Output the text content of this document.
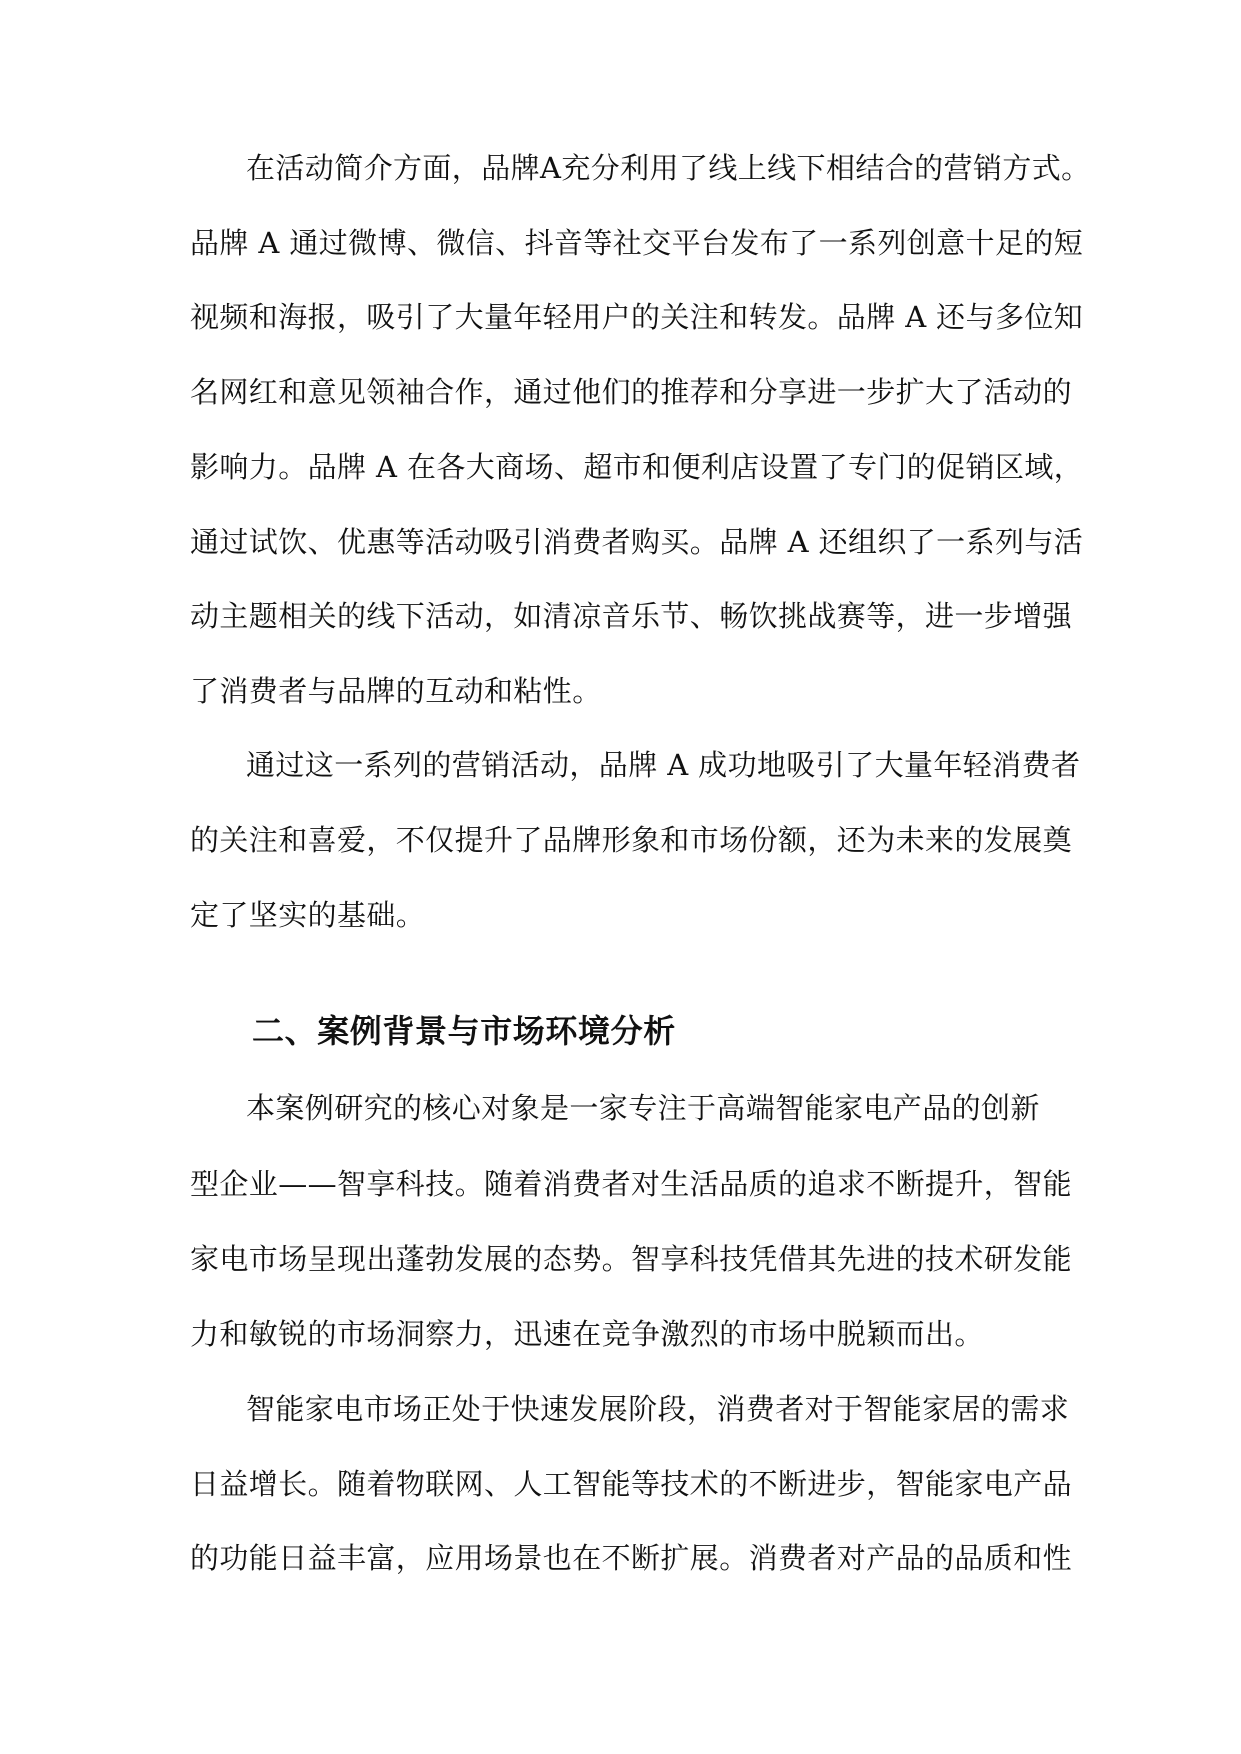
在活动简介方面，品牌A充分利用了线上线下相结合的营销方式。
品牌 A 通过微博、微信、抖音等社交平台发布了一系列创意十足的短
视频和海报，吸引了大量年轻用户的关注和转发。品牌 A 还与多位知
名网红和意见领袖合作，通过他们的推荐和分享进一步扩大了活动的
影响力。品牌 A 在各大商场、超市和便利店设置了专门的促销区域，
通过试饮、优惠等活动吸引消费者购买。品牌 A 还组织了一系列与活
动主题相关的线下活动，如清凉音乐节、畅饮挑战赛等，进一步增强
了消费者与品牌的互动和粘性。
通过这一系列的营销活动，品牌 A 成功地吸引了大量年轻消费者
的关注和喜爱，不仅提升了品牌形象和市场份额，还为未来的发展奠
定了坚实的基础。
二、案例背景与市场环境分析
本案例研究的核心对象是一家专注于高端智能家电产品的创新
型企业——智享科技。随着消费者对生活品质的追求不断提升，智能
家电市场呈现出蓬勃发展的态势。智享科技凭借其先进的技术研发能
力和敏锐的市场洞察力，迅速在竞争激烈的市场中脱颖而出。
智能家电市场正处于快速发展阶段，消费者对于智能家居的需求
日益增长。随着物联网、人工智能等技术的不断进步，智能家电产品
的功能日益丰富，应用场景也在不断扩展。消费者对产品的品质和性
